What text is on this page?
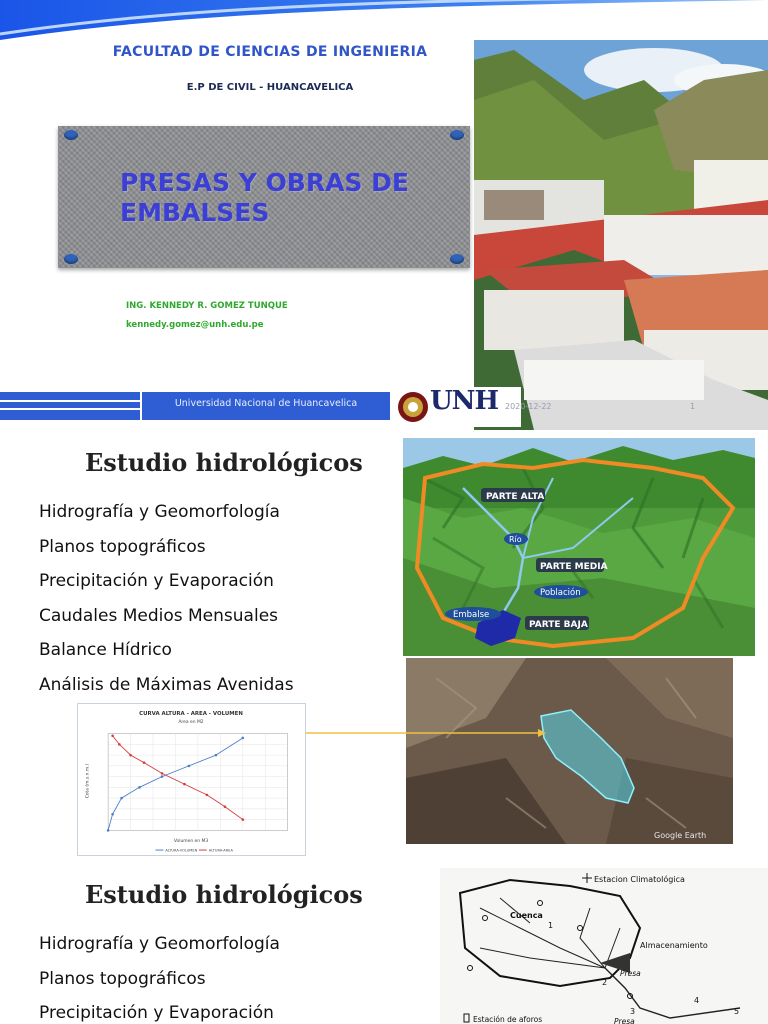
FACULTAD DE CIENCIAS DE INGENIERIA
E.P DE CIVIL - HUANCAVELICA
PRESAS Y OBRAS DE
EMBALSES
ING. KENNEDY R. GOMEZ TUNQUE
kennedy.gomez@unh.edu.pe
Universidad Nacional de Huancavelica	UNH 2020-12-22	1
Estudio hidrológicos
Hidrografía y Geomorfología
Planos topográficos
Precipitación y Evaporación
Caudales Medios Mensuales
Balance Hídrico
Análisis de Máximas Avenidas
PARTE ALTA
Río
PARTE MEDIA
Población
Embalse
PARTE BAJA
Google Earth
CURVA ALTURA - AREA - VOLUMEN
Area en M2
Volumen en M3
Cota (m.s.n.m.)
ALTURA-VOLUMEN	ALTURA-AREA
Estudio hidrológicos
Hidrografía y Geomorfología
Planos topográficos
Precipitación y Evaporación
Estacion Climatológica
Cuenca
1
Almacenamiento
2
Presa
3
Presa
4
5
Estación de aforos
